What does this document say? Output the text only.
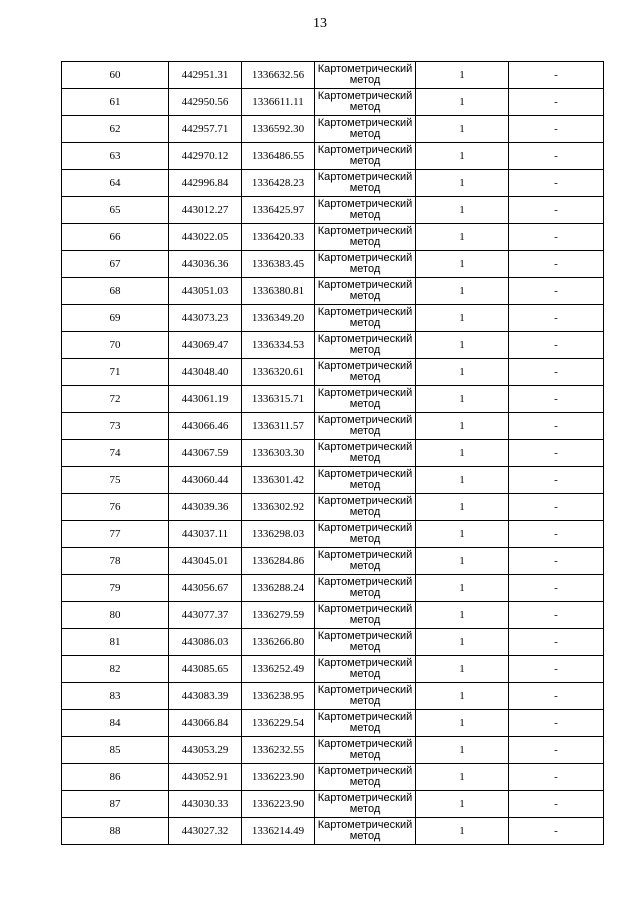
13
60	442951.31	1336632.56	Картометрический
метод	1	-
61	442950.56	1336611.11	Картометрический
метод	1	-
62	442957.71	1336592.30	Картометрический
метод	1	-
63	442970.12	1336486.55	Картометрический
метод	1	-
64	442996.84	1336428.23	Картометрический
метод	1	-
65	443012.27	1336425.97	Картометрический
метод	1	-
66	443022.05	1336420.33	Картометрический
метод	1	-
67	443036.36	1336383.45	Картометрический
метод	1	-
68	443051.03	1336380.81	Картометрический
метод	1	-
69	443073.23	1336349.20	Картометрический
метод	1	-
70	443069.47	1336334.53	Картометрический
метод	1	-
71	443048.40	1336320.61	Картометрический
метод	1	-
72	443061.19	1336315.71	Картометрический
метод	1	-
73	443066.46	1336311.57	Картометрический
метод	1	-
74	443067.59	1336303.30	Картометрический
метод	1	-
75	443060.44	1336301.42	Картометрический
метод	1	-
76	443039.36	1336302.92	Картометрический
метод	1	-
77	443037.11	1336298.03	Картометрический
метод	1	-
78	443045.01	1336284.86	Картометрический
метод	1	-
79	443056.67	1336288.24	Картометрический
метод	1	-
80	443077.37	1336279.59	Картометрический
метод	1	-
81	443086.03	1336266.80	Картометрический
метод	1	-
82	443085.65	1336252.49	Картометрический
метод	1	-
83	443083.39	1336238.95	Картометрический
метод	1	-
84	443066.84	1336229.54	Картометрический
метод	1	-
85	443053.29	1336232.55	Картометрический
метод	1	-
86	443052.91	1336223.90	Картометрический
метод	1	-
87	443030.33	1336223.90	Картометрический
метод	1	-
88	443027.32	1336214.49	Картометрический
метод	1	-
